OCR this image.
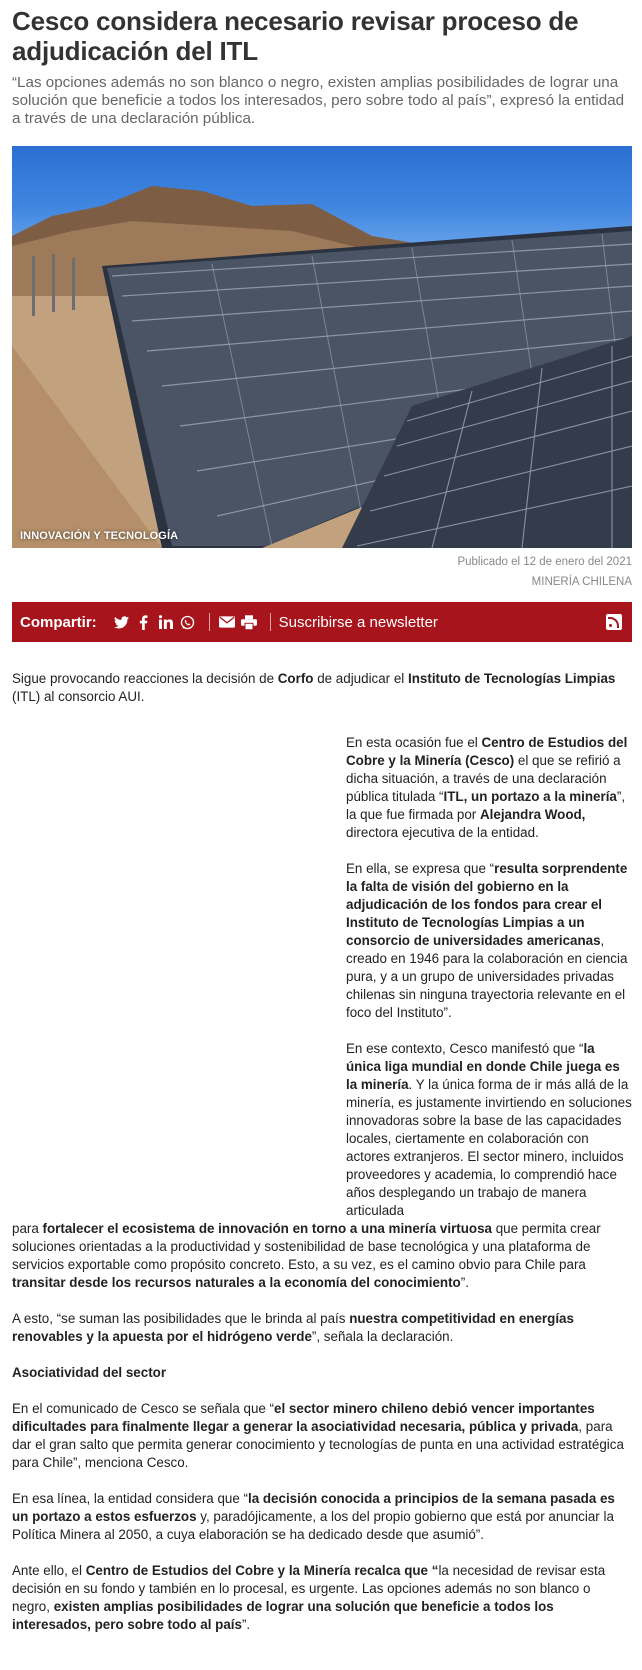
Cesco considera necesario revisar proceso de adjudicación del ITL

“Las opciones además no son blanco o negro, existen amplias posibilidades de lograr una solución que beneficie a todos los interesados, pero sobre todo al país”, expresó la entidad a través de una declaración pública.

INNOVACIÓN Y TECNOLOGÍA
Publicado el 12 de enero del 2021
MINERÍA CHILENA
Compartir:	Suscribirse a newsletter

Sigue provocando reacciones la decisión de Corfo de adjudicar el Instituto de Tecnologías Limpias (ITL) al consorcio AUI.

En esta ocasión fue el Centro de Estudios del Cobre y la Minería (Cesco) el que se refirió a dicha situación, a través de una declaración pública titulada “ITL, un portazo a la minería”, la que fue firmada por Alejandra Wood, directora ejecutiva de la entidad.

En ella, se expresa que “resulta sorprendente la falta de visión del gobierno en la adjudicación de los fondos para crear el Instituto de Tecnologías Limpias a un consorcio de universidades americanas, creado en 1946 para la colaboración en ciencia pura, y a un grupo de universidades privadas chilenas sin ninguna trayectoria relevante en el foco del Instituto”.

En ese contexto, Cesco manifestó que “la única liga mundial en donde Chile juega es la minería. Y la única forma de ir más allá de la minería, es justamente invirtiendo en soluciones innovadoras sobre la base de las capacidades locales, ciertamente en colaboración con actores extranjeros. El sector minero, incluidos proveedores y academia, lo comprendió hace años desplegando un trabajo de manera articulada

para fortalecer el ecosistema de innovación en torno a una minería virtuosa que permita crear soluciones orientadas a la productividad y sostenibilidad de base tecnológica y una plataforma de servicios exportable como propósito concreto. Esto, a su vez, es el camino obvio para Chile para transitar desde los recursos naturales a la economía del conocimiento”.

A esto, “se suman las posibilidades que le brinda al país nuestra competitividad en energías renovables y la apuesta por el hidrógeno verde”, señala la declaración.

Asociatividad del sector

En el comunicado de Cesco se señala que “el sector minero chileno debió vencer importantes dificultades para finalmente llegar a generar la asociatividad necesaria, pública y privada, para dar el gran salto que permita generar conocimiento y tecnologías de punta en una actividad estratégica para Chile”, menciona Cesco.

En esa línea, la entidad considera que “la decisión conocida a principios de la semana pasada es un portazo a estos esfuerzos y, paradójicamente, a los del propio gobierno que está por anunciar la Política Minera al 2050, a cuya elaboración se ha dedicado desde que asumió”.

Ante ello, el Centro de Estudios del Cobre y la Minería recalca que “la necesidad de revisar esta decisión en su fondo y también en lo procesal, es urgente. Las opciones además no son blanco o negro, existen amplias posibilidades de lograr una solución que beneficie a todos los interesados, pero sobre todo al país”.
